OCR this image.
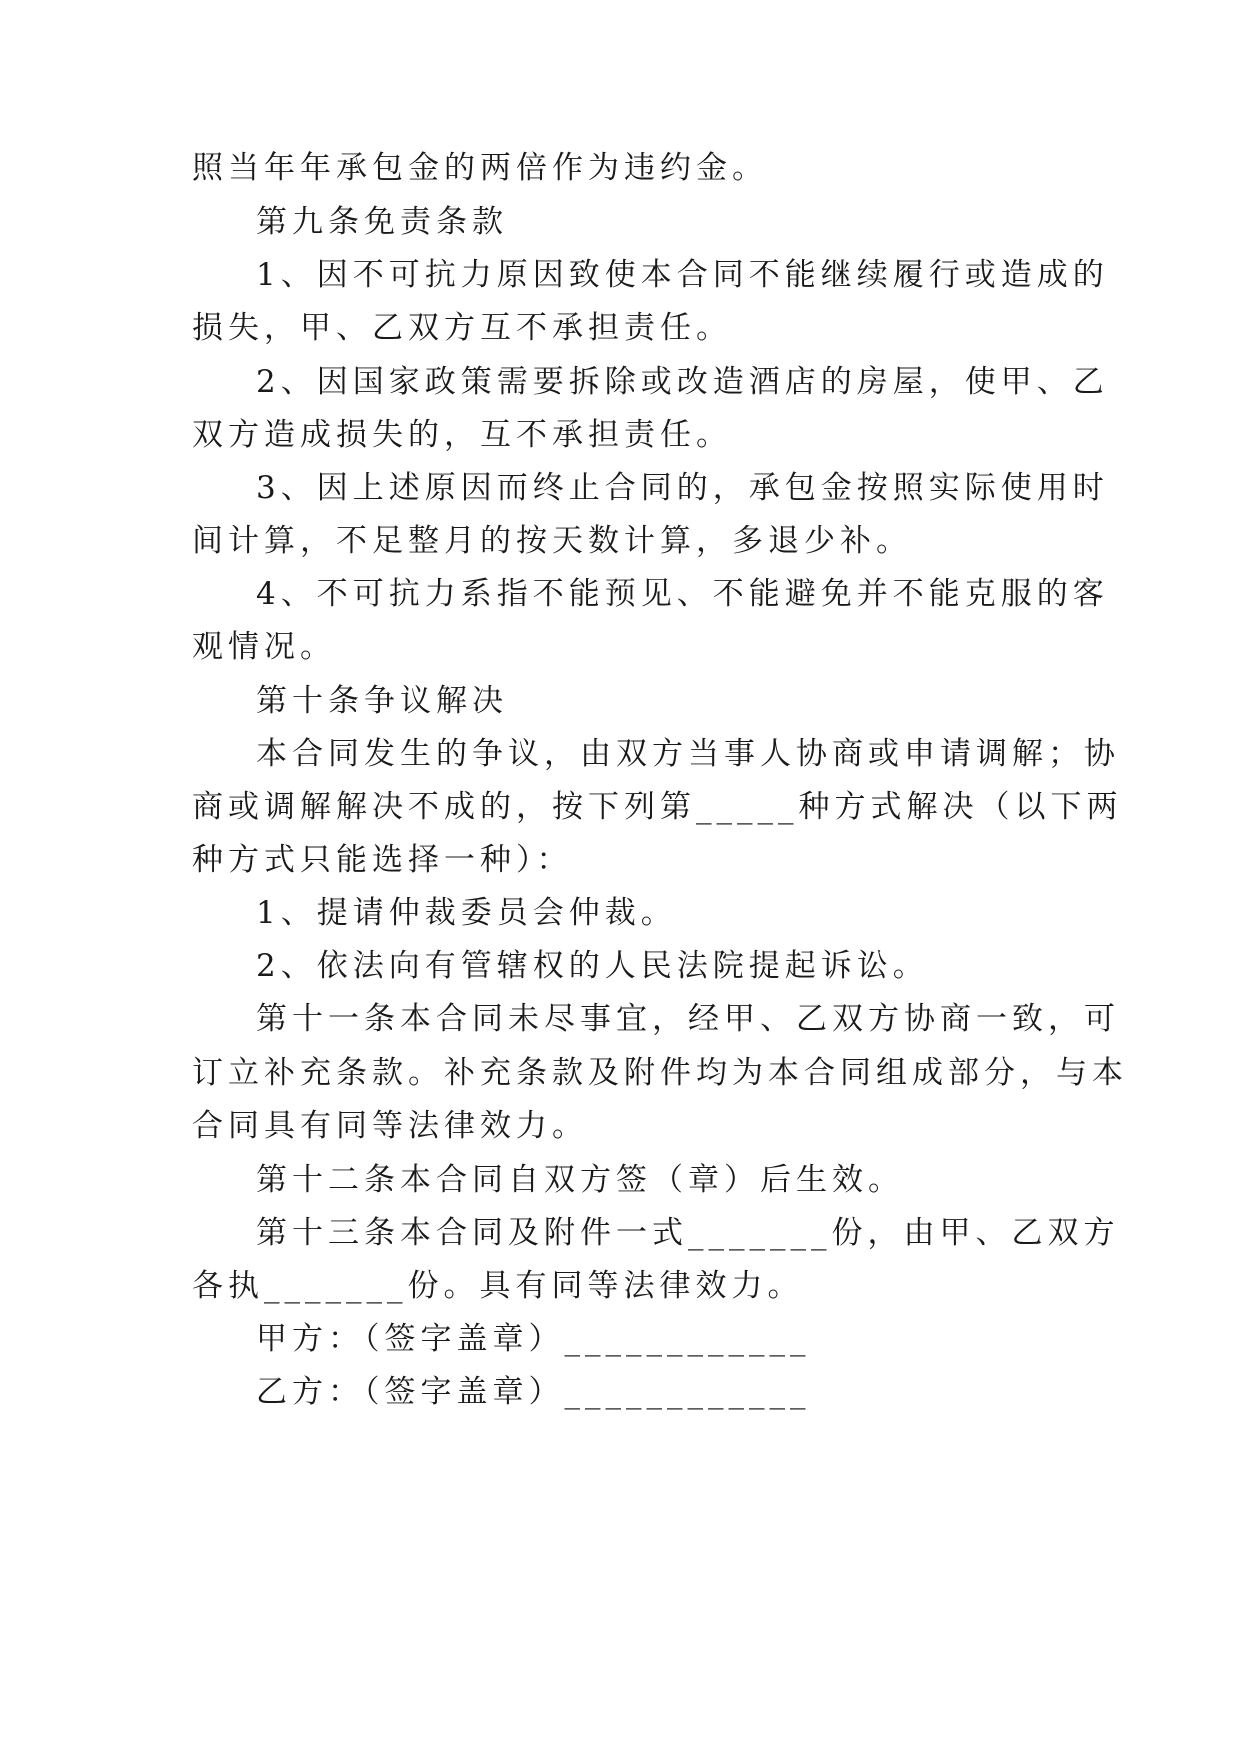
照当年年承包金的两倍作为违约金。
第九条免责条款
1、因不可抗力原因致使本合同不能继续履行或造成的
损失，甲、乙双方互不承担责任。
2、因国家政策需要拆除或改造酒店的房屋，使甲、乙
双方造成损失的，互不承担责任。
3、因上述原因而终止合同的，承包金按照实际使用时
间计算，不足整月的按天数计算，多退少补。
4、不可抗力系指不能预见、不能避免并不能克服的客
观情况。
第十条争议解决
本合同发生的争议，由双方当事人协商或申请调解；协
商或调解解决不成的，按下列第_____种方式解决（以下两
种方式只能选择一种）：
1、提请仲裁委员会仲裁。
2、依法向有管辖权的人民法院提起诉讼。
第十一条本合同未尽事宜，经甲、乙双方协商一致，可
订立补充条款。补充条款及附件均为本合同组成部分，与本
合同具有同等法律效力。
第十二条本合同自双方签（章）后生效。
第十三条本合同及附件一式_______份，由甲、乙双方
各执_______份。具有同等法律效力。
甲方：（签字盖章）____________
乙方：（签字盖章）____________
